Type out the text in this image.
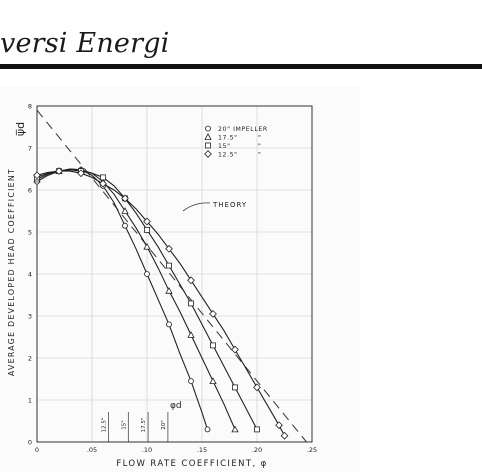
versi Energi
0	.05	.10	.15	.20	.25
0
1
2
3
4
5
6
7
8
FLOW RATE COEFFICIENT, φ
AVERAGE DEVELOPED HEAD COEFFICIENT
ψ̅d
THEORY
20" IMPELLER
17.5"	"
15"	"
12.5"	"
12.5"	15"	17.5"	20"
φd
